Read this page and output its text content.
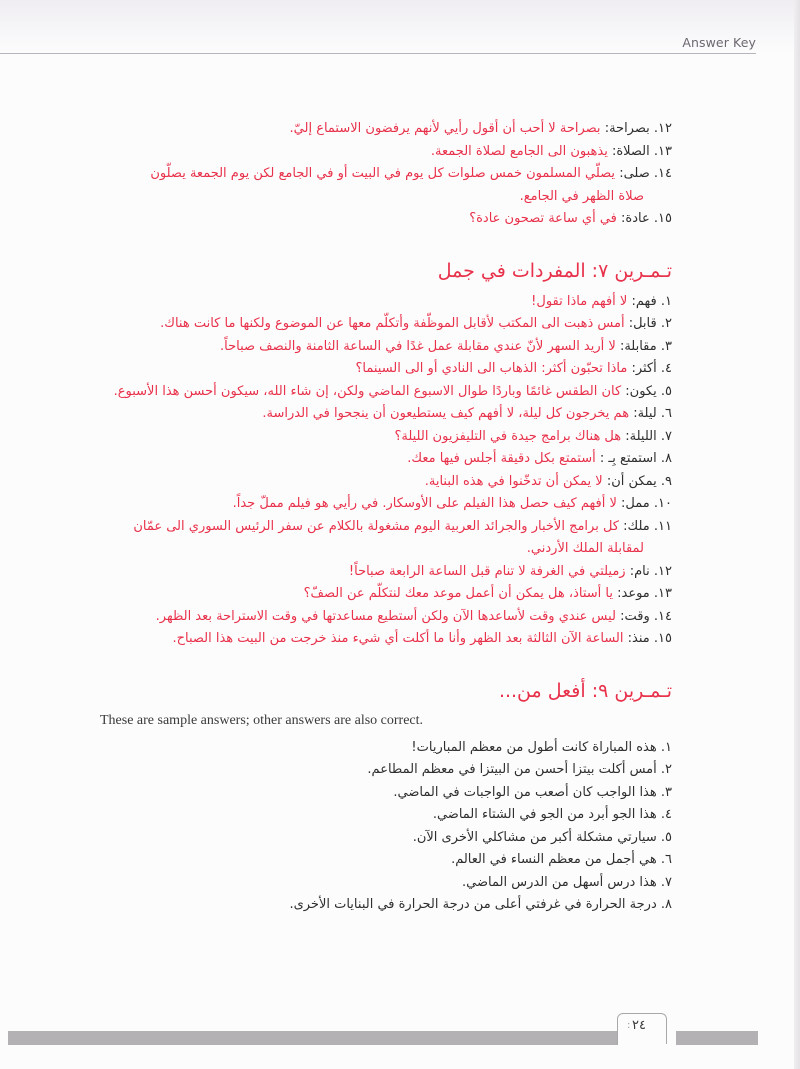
Answer Key
١٢. بصراحة: بصراحة لا أحب أن أقول رأيي لأنهم يرفضون الاستماع إليّ.
١٣. الصلاة: يذهبون الى الجامع لصلاة الجمعة.
١٤. صلى: يصلّي المسلمون خمس صلوات كل يوم في البيت أو في الجامع لكن يوم الجمعة يصلّون
صلاة الظهر في الجامع.
١٥. عادة: في أي ساعة تصحون عادة؟
تـمـرين ٧: المفردات في جمل
١. فهم: لا أفهم ماذا تقول!
٢. قابل: أمس ذهبت الى المكتب لأقابل الموظّفة وأتكلّم معها عن الموضوع ولكنها ما كانت هناك.
٣. مقابلة: لا أريد السهر لأنّ عندي مقابلة عمل غدًا في الساعة الثامنة والنصف صباحاً.
٤. أكثر: ماذا تحبّون أكثر: الذهاب الى النادي أو الى السينما؟
٥. يكون: كان الطقس غائمًا وباردًا طوال الاسبوع الماضي ولكن، إن شاء الله، سيكون أحسن هذا الأسبوع.
٦. ليلة: هم يخرجون كل ليلة، لا أفهم كيف يستطيعون أن ينجحوا في الدراسة.
٧. الليلة: هل هناك برامج جيدة في التليفزيون الليلة؟
٨. استمتع بِـ : أستمتع بكل دقيقة أجلس فيها معك.
٩. يمكن أن: لا يمكن أن تدخّنوا في هذه البناية.
١٠. ممل: لا أفهم كيف حصل هذا الفيلم على الأوسكار. في رأيي هو فيلم مملّ جداً.
١١. ملك: كل برامج الأخبار والجرائد العربية اليوم مشغولة بالكلام عن سفر الرئيس السوري الى عمّان
لمقابلة الملك الأردني.
١٢. نام: زميلتي في الغرفة لا تنام قبل الساعة الرابعة صباحاً!
١٣. موعد: يا أستاذ، هل يمكن أن أعمل موعد معك لنتكلّم عن الصفّ؟
١٤. وقت: ليس عندي وقت لأساعدها الآن ولكن أستطيع مساعدتها في وقت الاستراحة بعد الظهر.
١٥. منذ: الساعة الآن الثالثة بعد الظهر وأنا ما أكلت أي شيء منذ خرجت من البيت هذا الصباح.
تـمـرين ٩: أفعل من...
These are sample answers; other answers are also correct.
١. هذه المباراة كانت أطول من معظم المباريات!
٢. أمس أكلت بيتزا أحسن من البيتزا في معظم المطاعم.
٣. هذا الواجب كان أصعب من الواجبات في الماضي.
٤. هذا الجو أبرد من الجو في الشتاء الماضي.
٥. سيارتي مشكلة أكبر من مشاكلي الأخرى الآن.
٦. هي أجمل من معظم النساء في العالم.
٧. هذا درس أسهل من الدرس الماضي.
٨. درجة الحرارة في غرفتي أعلى من درجة الحرارة في البنايات الأخرى.
: ٢٤
